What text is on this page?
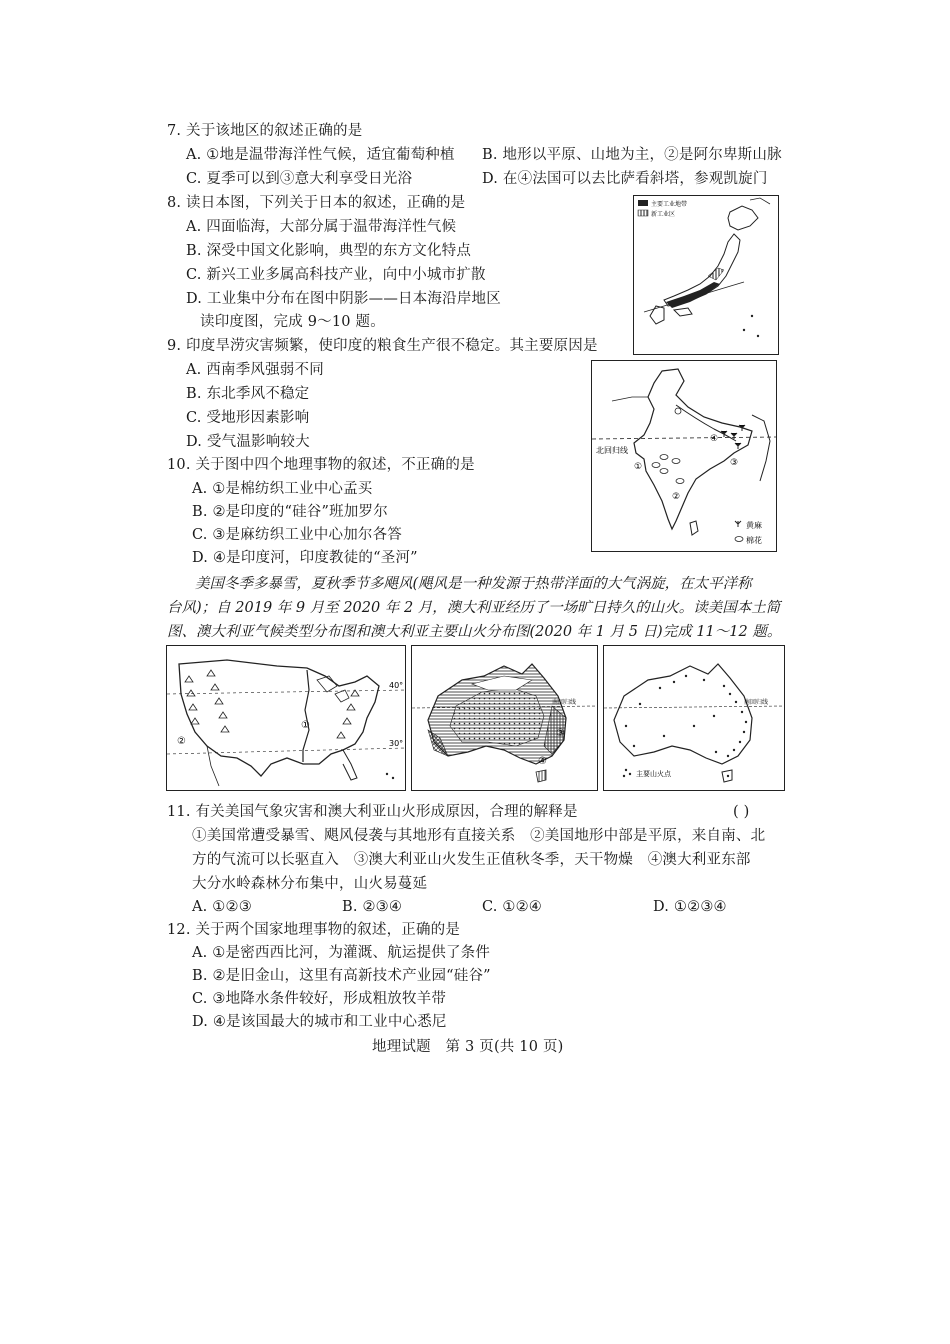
7. 关于该地区的叙述正确的是
A. ①地是温带海洋性气候，适宜葡萄种植 B. 地形以平原、山地为主，②是阿尔卑斯山脉
C. 夏季可以到③意大利享受日光浴	D. 在④法国可以去比萨看斜塔，参观凯旋门
8. 读日本图，下列关于日本的叙述，正确的是
A. 四面临海，大部分属于温带海洋性气候
B. 深受中国文化影响，典型的东方文化特点
C. 新兴工业多属高科技产业，向中小城市扩散
D. 工业集中分布在图中阴影——日本海沿岸地区
读印度图，完成 9～10 题。
主要工业地带
新工业区
9. 印度旱涝灾害频繁，使印度的粮食生产很不稳定。其主要原因是
A. 西南季风强弱不同
B. 东北季风不稳定
C. 受地形因素影响
D. 受气温影响较大
北回归线
①
②
③
④
黄麻
棉花
10. 关于图中四个地理事物的叙述，不正确的是
A. ①是棉纺织工业中心孟买
B. ②是印度的“硅谷”班加罗尔
C. ③是麻纺织工业中心加尔各答
D. ④是印度河，印度教徒的“圣河”
美国冬季多暴雪，夏秋季节多飓风(飓风是一种发源于热带洋面的大气涡旋，在太平洋称
台风)；自 2019 年 9 月至 2020 年 2 月，澳大利亚经历了一场旷日持久的山火。读美国本土简
图、澳大利亚气候类型分布图和澳大利亚主要山火分布图(2020 年 1 月 5 日)完成 11～12 题。
40°
30°
①
②
南回归线
③
④
南回归线
主要山火点
11. 有关美国气象灾害和澳大利亚山火形成原因，合理的解释是	( )
①美国常遭受暴雪、飓风侵袭与其地形有直接关系　②美国地形中部是平原，来自南、北
方的气流可以长驱直入　③澳大利亚山火发生正值秋冬季，天干物燥　④澳大利亚东部
大分水岭森林分布集中，山火易蔓延
A. ①②③	B. ②③④	C. ①②④	D. ①②③④
12. 关于两个国家地理事物的叙述，正确的是
A. ①是密西西比河，为灌溉、航运提供了条件
B. ②是旧金山，这里有高新技术产业园“硅谷”
C. ③地降水条件较好，形成粗放牧羊带
D. ④是该国最大的城市和工业中心悉尼
地理试题　第 3 页(共 10 页)
